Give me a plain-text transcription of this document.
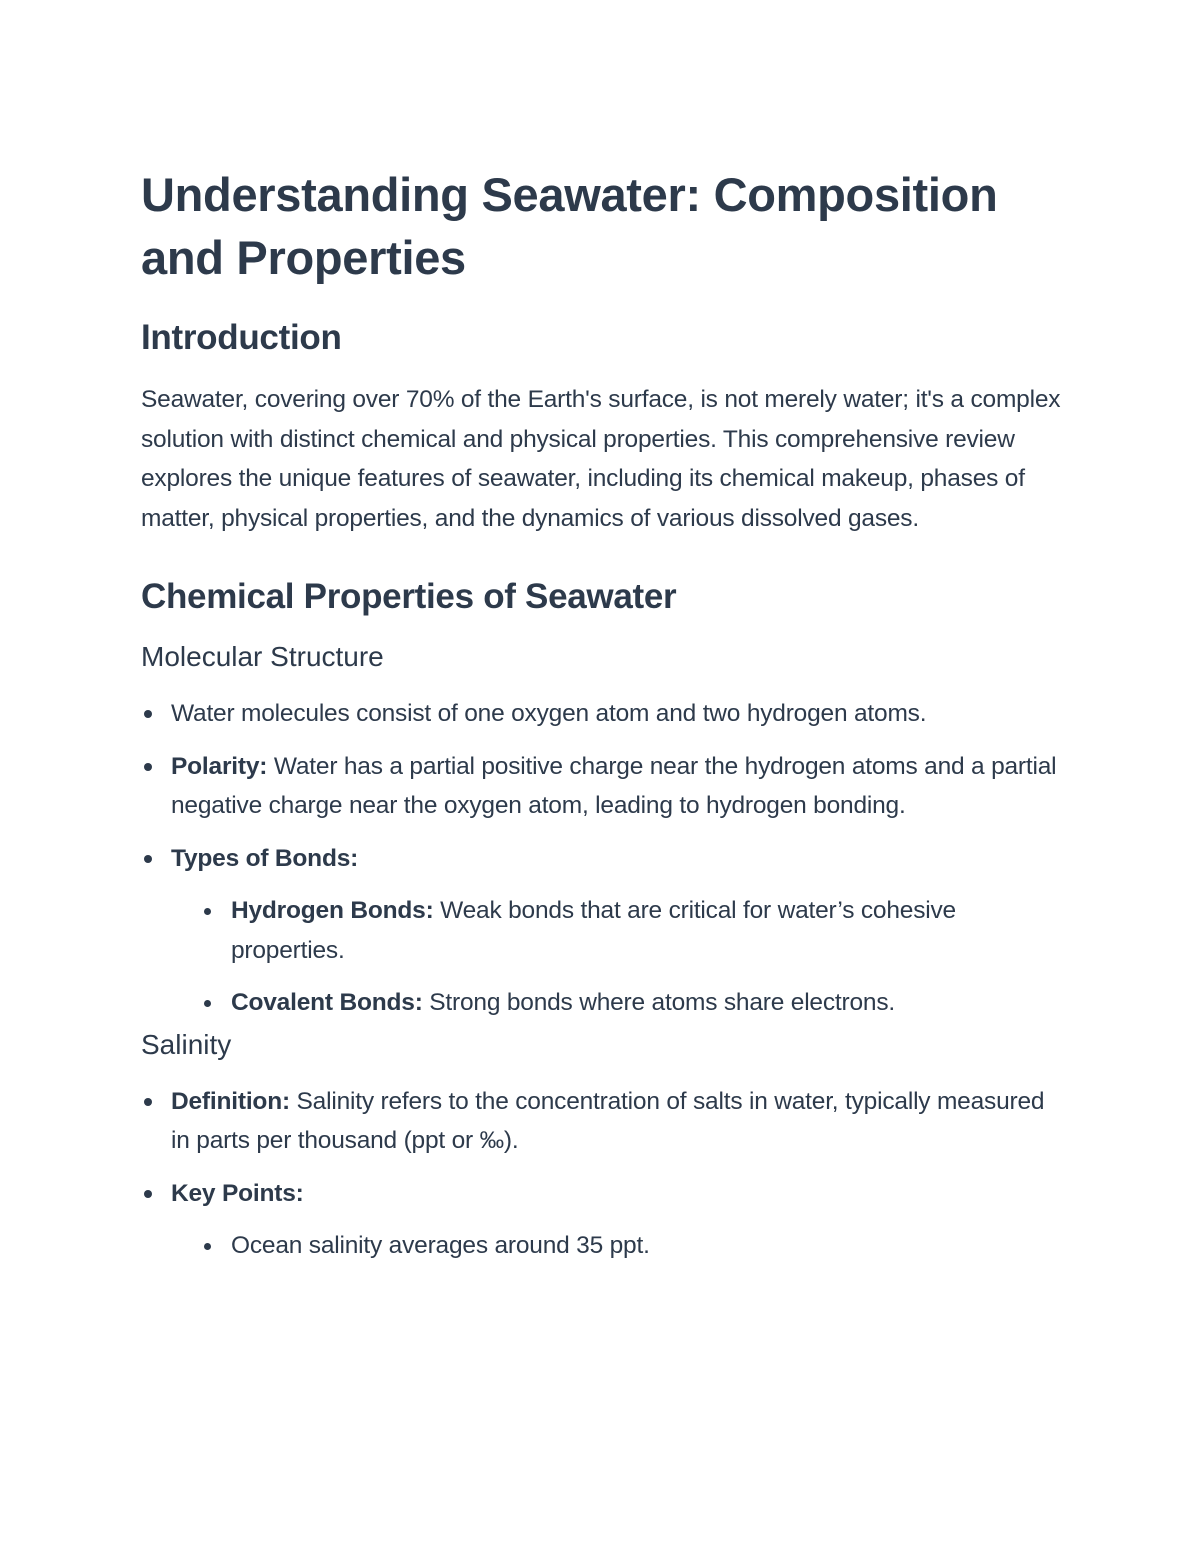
Understanding Seawater: Composition and Properties
Introduction

Seawater, covering over 70% of the Earth's surface, is not merely water; it's a complex solution with distinct chemical and physical properties. This comprehensive review explores the unique features of seawater, including its chemical makeup, phases of matter, physical properties, and the dynamics of various dissolved gases.

Chemical Properties of Seawater
Molecular Structure
Water molecules consist of one oxygen atom and two hydrogen atoms.
Polarity: Water has a partial positive charge near the hydrogen atoms and a partial negative charge near the oxygen atom, leading to hydrogen bonding.
Types of Bonds:
Hydrogen Bonds: Weak bonds that are critical for water’s cohesive properties.
Covalent Bonds: Strong bonds where atoms share electrons.
Salinity
Definition: Salinity refers to the concentration of salts in water, typically measured in parts per thousand (ppt or ‰).
Key Points:
Ocean salinity averages around 35 ppt.
